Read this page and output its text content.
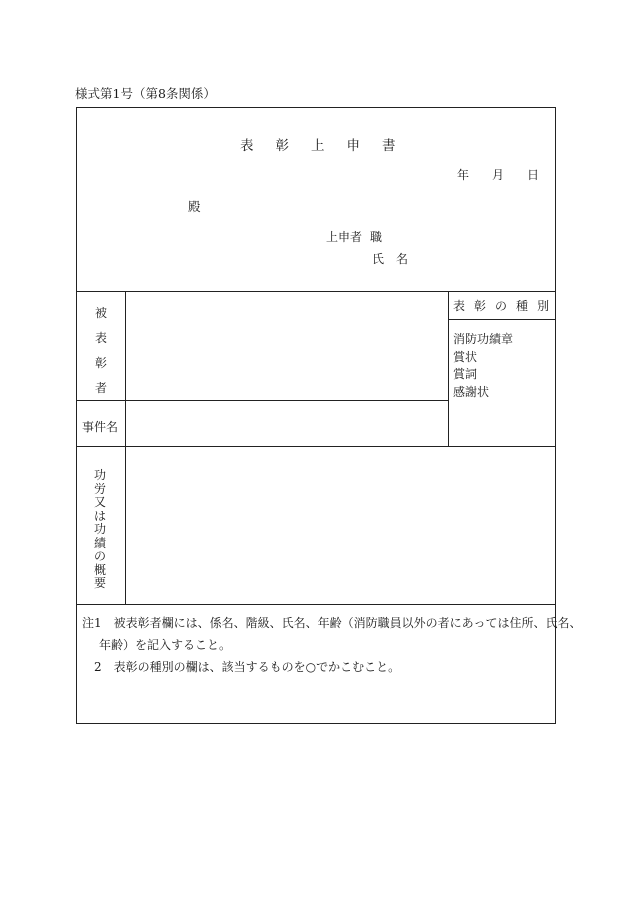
様式第1号（第8条関係）
表 彰 上 申 書
年 月 日
殿
上申者 職
氏　名
被
表
彰
者
表 彰 の 種 別
消防功績章
賞状
賞詞
感謝状
事件名
功
労
又
は
功
績
の
概
要
注1　被表彰者欄には、係名、階級、氏名、年齢（消防職員以外の者にあっては住所、氏名、
年齢）を記入すること。
2　表彰の種別の欄は、該当するものを○でかこむこと。
